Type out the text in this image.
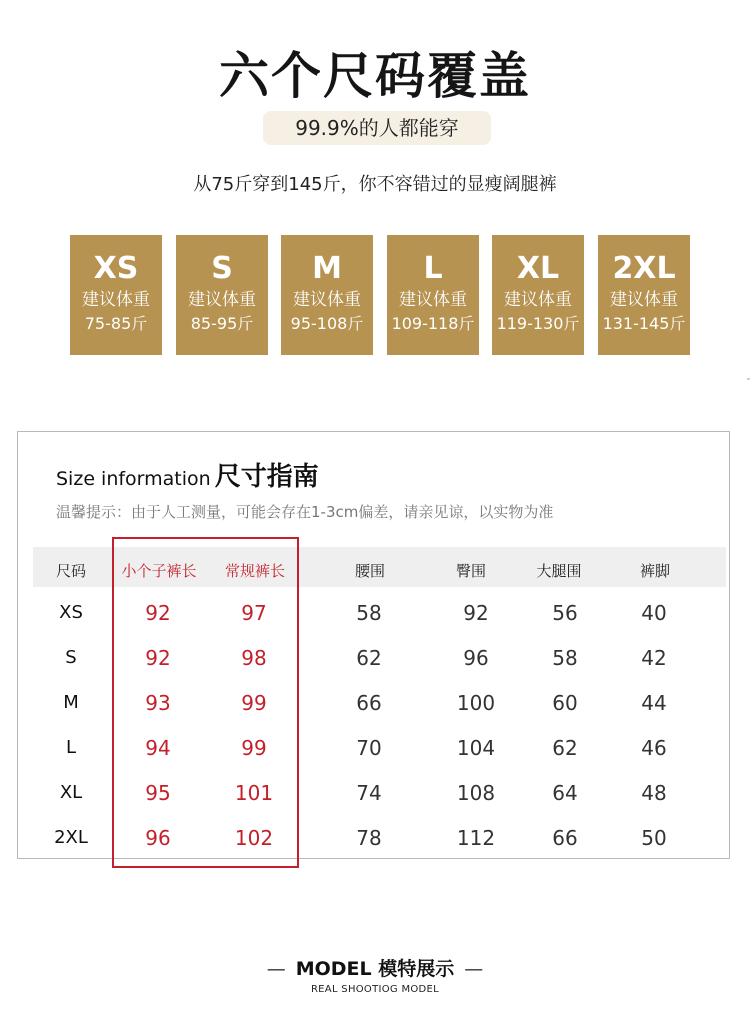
六个尺码覆盖
99.9%的人都能穿
从75斤穿到145斤，你不容错过的显瘦阔腿裤
XS
建议体重
75-85斤
S
建议体重
85-95斤
M
建议体重
95-108斤
L
建议体重
109-118斤
XL
建议体重
119-130斤
2XL
建议体重
131-145斤
Size information 尺寸指南
温馨提示：由于人工测量，可能会存在1-3cm偏差，请亲见谅，以实物为准
尺码 小个子裤长 常规裤长	腰围	臀围	大腿围	裤脚
XS	92	97	58	92	56	40
S	92	98	62	96	58	42
M	93	99	66	100	60	44
L	94	99	70	104	62	46
XL	95	101	74	108	64	48
2XL	96	102	78	112	66	50
— MODEL 模特展示 —
REAL SHOOTIOG MODEL
